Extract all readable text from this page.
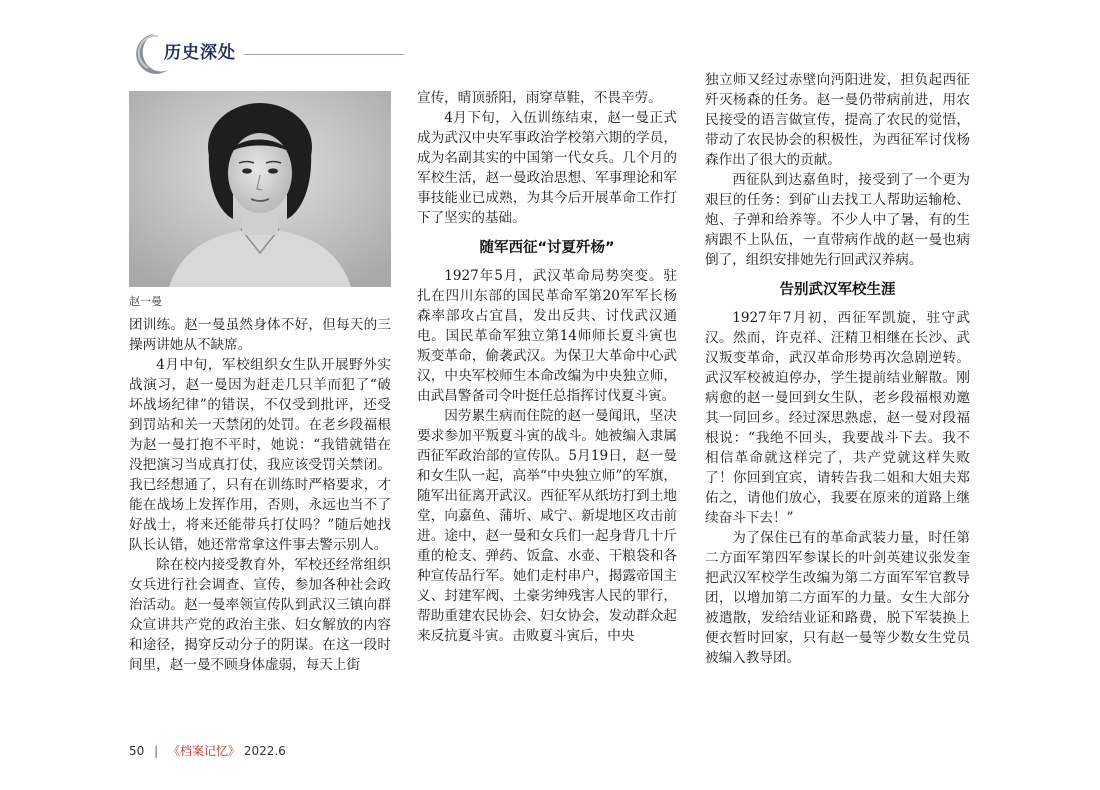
历史深处
赵一曼

团训练。赵一曼虽然身体不好，但每天的三操两讲她从不缺席。

4月中旬，军校组织女生队开展野外实战演习，赵一曼因为赶走几只羊而犯了“破坏战场纪律”的错误，不仅受到批评，还受到罚站和关一天禁闭的处罚。在老乡段福根为赵一曼打抱不平时，她说：“我错就错在没把演习当成真打仗，我应该受罚关禁闭。我已经想通了，只有在训练时严格要求，才能在战场上发挥作用，否则，永远也当不了好战士，将来还能带兵打仗吗？”随后她找队长认错，她还常常拿这件事去警示别人。

除在校内接受教育外，军校还经常组织女兵进行社会调查、宣传，参加各种社会政治活动。赵一曼率领宣传队到武汉三镇向群众宣讲共产党的政治主张、妇女解放的内容和途径，揭穿反动分子的阴谋。在这一段时间里，赵一曼不顾身体虚弱，每天上街

宣传，晴顶骄阳，雨穿草鞋，不畏辛劳。

4月下旬，入伍训练结束，赵一曼正式成为武汉中央军事政治学校第六期的学员，成为名副其实的中国第一代女兵。几个月的军校生活，赵一曼政治思想、军事理论和军事技能业已成熟，为其今后开展革命工作打下了坚实的基础。

随军西征“讨夏歼杨”

1927年5月，武汉革命局势突变。驻扎在四川东部的国民革命军第20军军长杨森率部攻占宜昌，发出反共、讨伐武汉通电。国民革命军独立第14师师长夏斗寅也叛变革命，偷袭武汉。为保卫大革命中心武汉，中央军校师生本命改编为中央独立师，由武昌警备司令叶挺任总指挥讨伐夏斗寅。

因劳累生病而住院的赵一曼闻讯，坚决要求参加平叛夏斗寅的战斗。她被编入隶属西征军政治部的宣传队。5月19日，赵一曼和女生队一起，高举“中央独立师”的军旗，随军出征离开武汉。西征军从纸坊打到土地堂，向嘉鱼、蒲圻、咸宁、新堤地区攻击前进。途中，赵一曼和女兵们一起身背几十斤重的枪支、弹药、饭盒、水壶、干粮袋和各种宣传品行军。她们走村串户，揭露帝国主义、封建军阀、土豪劣绅残害人民的罪行，帮助重建农民协会、妇女协会，发动群众起来反抗夏斗寅。击败夏斗寅后，中央

独立师又经过赤壁向沔阳进发，担负起西征歼灭杨森的任务。赵一曼仍带病前进，用农民接受的语言做宣传，提高了农民的觉悟，带动了农民协会的积极性，为西征军讨伐杨森作出了很大的贡献。

西征队到达嘉鱼时，接受到了一个更为艰巨的任务：到矿山去找工人帮助运输枪、炮、子弹和给养等。不少人中了暑，有的生病跟不上队伍，一直带病作战的赵一曼也病倒了，组织安排她先行回武汉养病。

告别武汉军校生涯

1927年7月初，西征军凯旋，驻守武汉。然而，许克祥、汪精卫相继在长沙、武汉叛变革命，武汉革命形势再次急剧逆转。武汉军校被迫停办，学生提前结业解散。刚病愈的赵一曼回到女生队，老乡段福根劝邀其一同回乡。经过深思熟虑，赵一曼对段福根说：“我绝不回头，我要战斗下去。我不相信革命就这样完了，共产党就这样失败了！你回到宜宾，请转告我二姐和大姐夫郑佑之，请他们放心，我要在原来的道路上继续奋斗下去！”

为了保住已有的革命武装力量，时任第二方面军第四军参谋长的叶剑英建议张发奎把武汉军校学生改编为第二方面军军官教导团，以增加第二方面军的力量。女生大部分被遣散，发给结业证和路费，脱下军装换上便衣暂时回家，只有赵一曼等少数女生党员被编入教导团。

50 | 《档案记忆》 2022.6
